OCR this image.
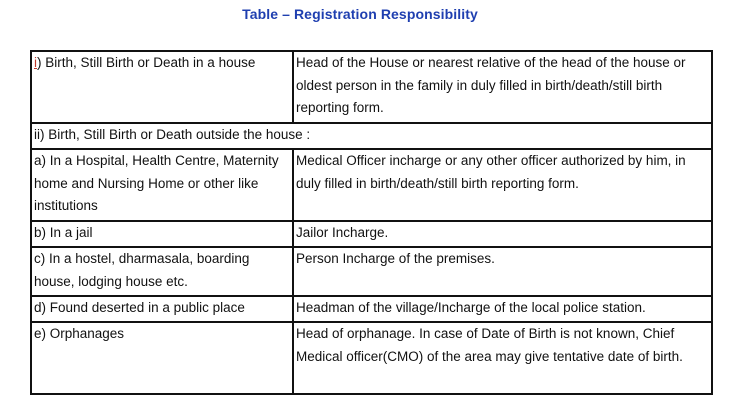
Table – Registration Responsibility
i) Birth, Still Birth or Death in a house	Head of the House or nearest relative of the head of the house or oldest person in the family in duly filled in birth/death/still birth reporting form.
ii) Birth, Still Birth or Death outside the house :	
a) In a Hospital, Health Centre, Maternity home and Nursing Home or other like institutions	Medical Officer incharge or any other officer authorized by him, in duly filled in birth/death/still birth reporting form.
b) In a jail	Jailor Incharge.
c) In a hostel, dharmasala, boarding house, lodging house etc.	Person Incharge of the premises.
d) Found deserted in a public place	Headman of the village/Incharge of the local police station.
e) Orphanages	Head of orphanage. In case of Date of Birth is not known, Chief Medical officer(CMO) of the area may give tentative date of birth.
